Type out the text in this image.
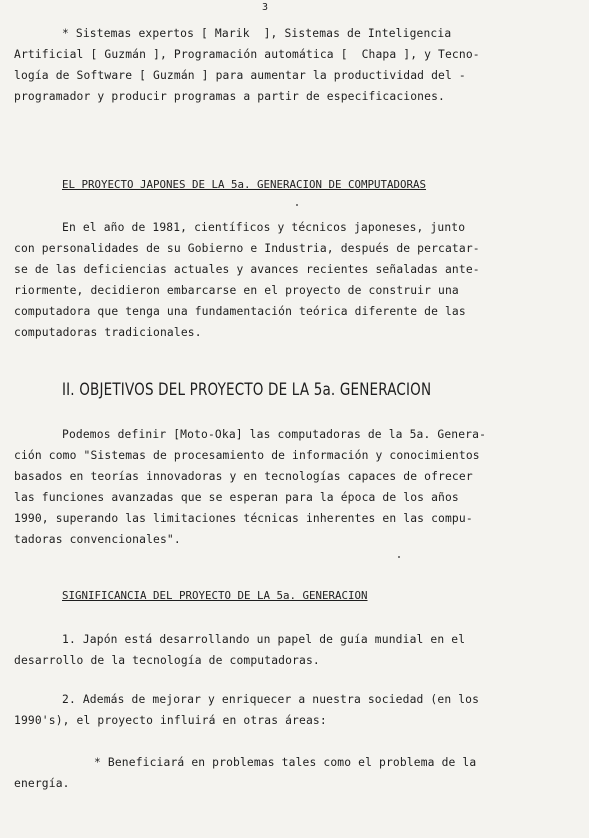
3
* Sistemas expertos [ Marik  ], Sistemas de Inteligencia
Artificial [ Guzmán ], Programación automática [  Chapa ], y Tecno-
logía de Software [ Guzmán ] para aumentar la productividad del -
programador y producir programas a partir de especificaciones.
EL PROYECTO JAPONES DE LA 5a. GENERACION DE COMPUTADORAS
En el año de 1981, científicos y técnicos japoneses, junto
con personalidades de su Gobierno e Industria, después de percatar-
se de las deficiencias actuales y avances recientes señaladas ante-
riormente, decidieron embarcarse en el proyecto de construir una
computadora que tenga una fundamentación teórica diferente de las
computadoras tradicionales.
II. OBJETIVOS DEL PROYECTO DE LA 5a. GENERACION
Podemos definir [Moto-Oka] las computadoras de la 5a. Genera-
ción como "Sistemas de procesamiento de información y conocimientos
basados en teorías innovadoras y en tecnologías capaces de ofrecer
las funciones avanzadas que se esperan para la época de los años
1990, superando las limitaciones técnicas inherentes en las compu-
tadoras convencionales".
SIGNIFICANCIA DEL PROYECTO DE LA 5a. GENERACION
1. Japón está desarrollando un papel de guía mundial en el
desarrollo de la tecnología de computadoras.
2. Además de mejorar y enriquecer a nuestra sociedad (en los
1990's), el proyecto influirá en otras áreas:
* Beneficiará en problemas tales como el problema de la
energía.
